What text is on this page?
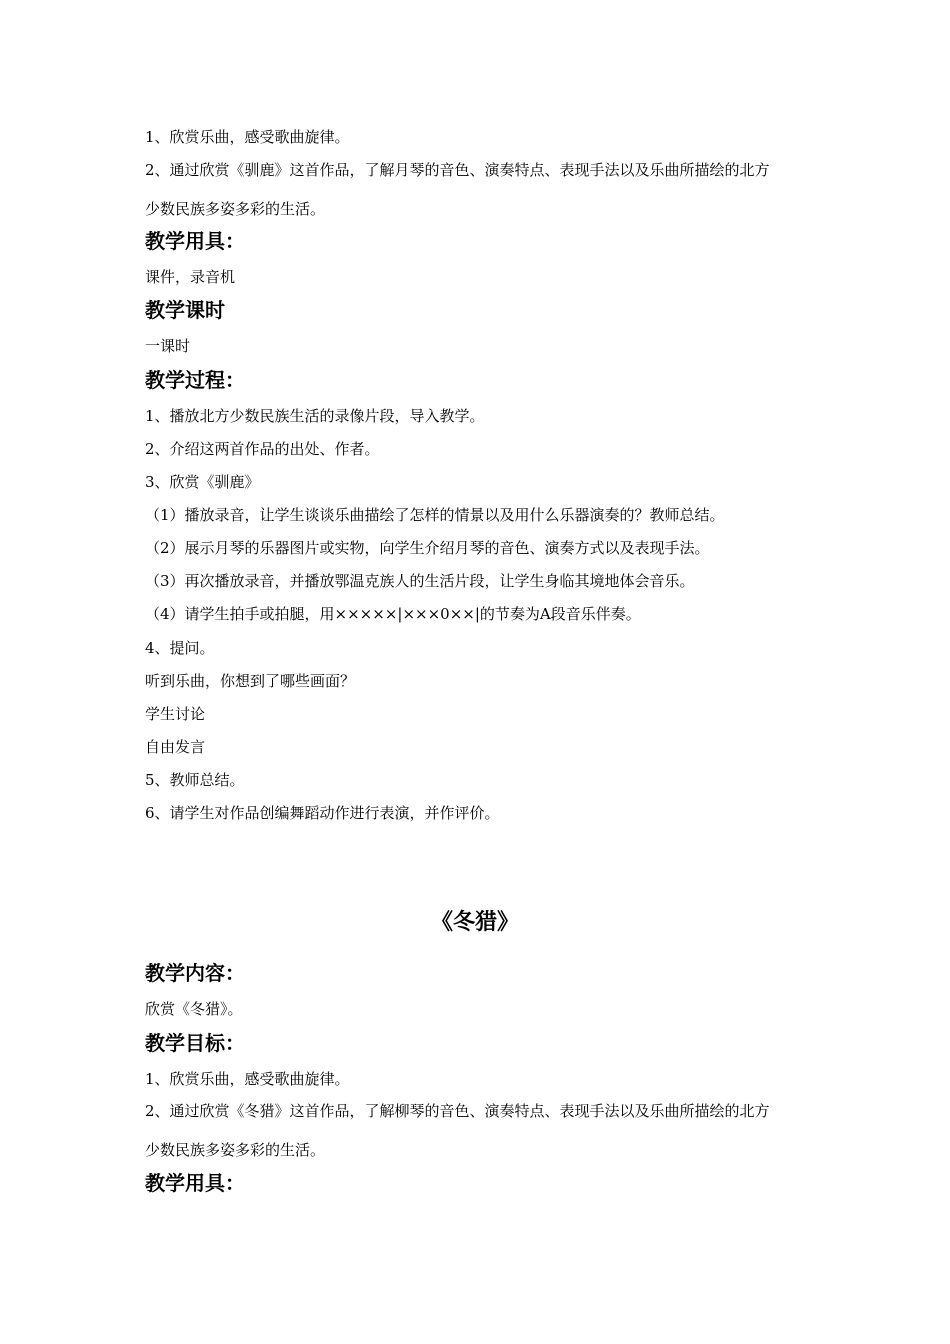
1、欣赏乐曲，感受歌曲旋律。
2、通过欣赏《驯鹿》这首作品，了解月琴的音色、演奏特点、表现手法以及乐曲所描绘的北方
少数民族多姿多彩的生活。
教学用具：
课件，录音机
教学课时
一课时
教学过程：
1、播放北方少数民族生活的录像片段，导入教学。
2、介绍这两首作品的出处、作者。
3、欣赏《驯鹿》
（1）播放录音，让学生谈谈乐曲描绘了怎样的情景以及用什么乐器演奏的？教师总结。
（2）展示月琴的乐器图片或实物，向学生介绍月琴的音色、演奏方式以及表现手法。
（3）再次播放录音，并播放鄂温克族人的生活片段，让学生身临其境地体会音乐。
（4）请学生拍手或拍腿，用×××××|×××0××|的节奏为A段音乐伴奏。
4、提问。
听到乐曲，你想到了哪些画面？
学生讨论
自由发言
5、教师总结。
6、请学生对作品创编舞蹈动作进行表演，并作评价。
《冬猎》
教学内容：
欣赏《冬猎》。
教学目标：
1、欣赏乐曲，感受歌曲旋律。
2、通过欣赏《冬猎》这首作品，了解柳琴的音色、演奏特点、表现手法以及乐曲所描绘的北方
少数民族多姿多彩的生活。
教学用具：
